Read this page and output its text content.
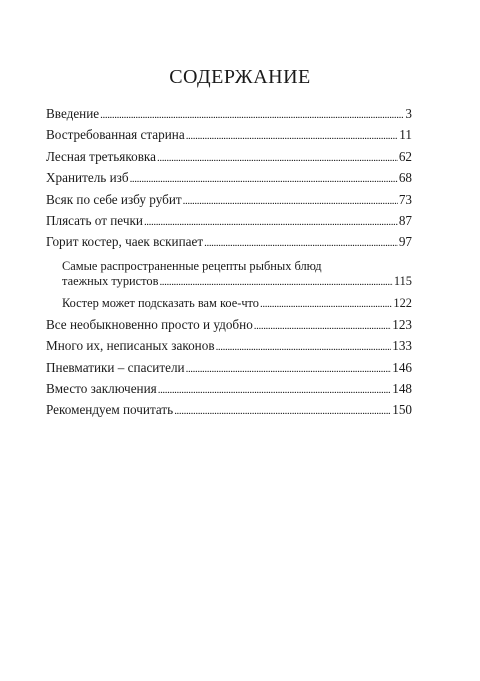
СОДЕРЖАНИЕ
Введение .....	3
Востребованная старина .....	11
Лесная третьяковка .....	62
Хранитель изб .....	68
Всяк по себе избу рубит .....	73
Плясать от печки .....	87
Горит костер, чаек вскипает .....	97
Самые распространенные рецепты рыбных блюд
таежных туристов .....	115
Костер может подсказать вам кое-что .....	122
Все необыкновенно просто и удобно .....	123
Много их, неписаных законов .....	133
Пневматики – спасители .....	146
Вместо заключения .....	148
Рекомендуем почитать .....	150
